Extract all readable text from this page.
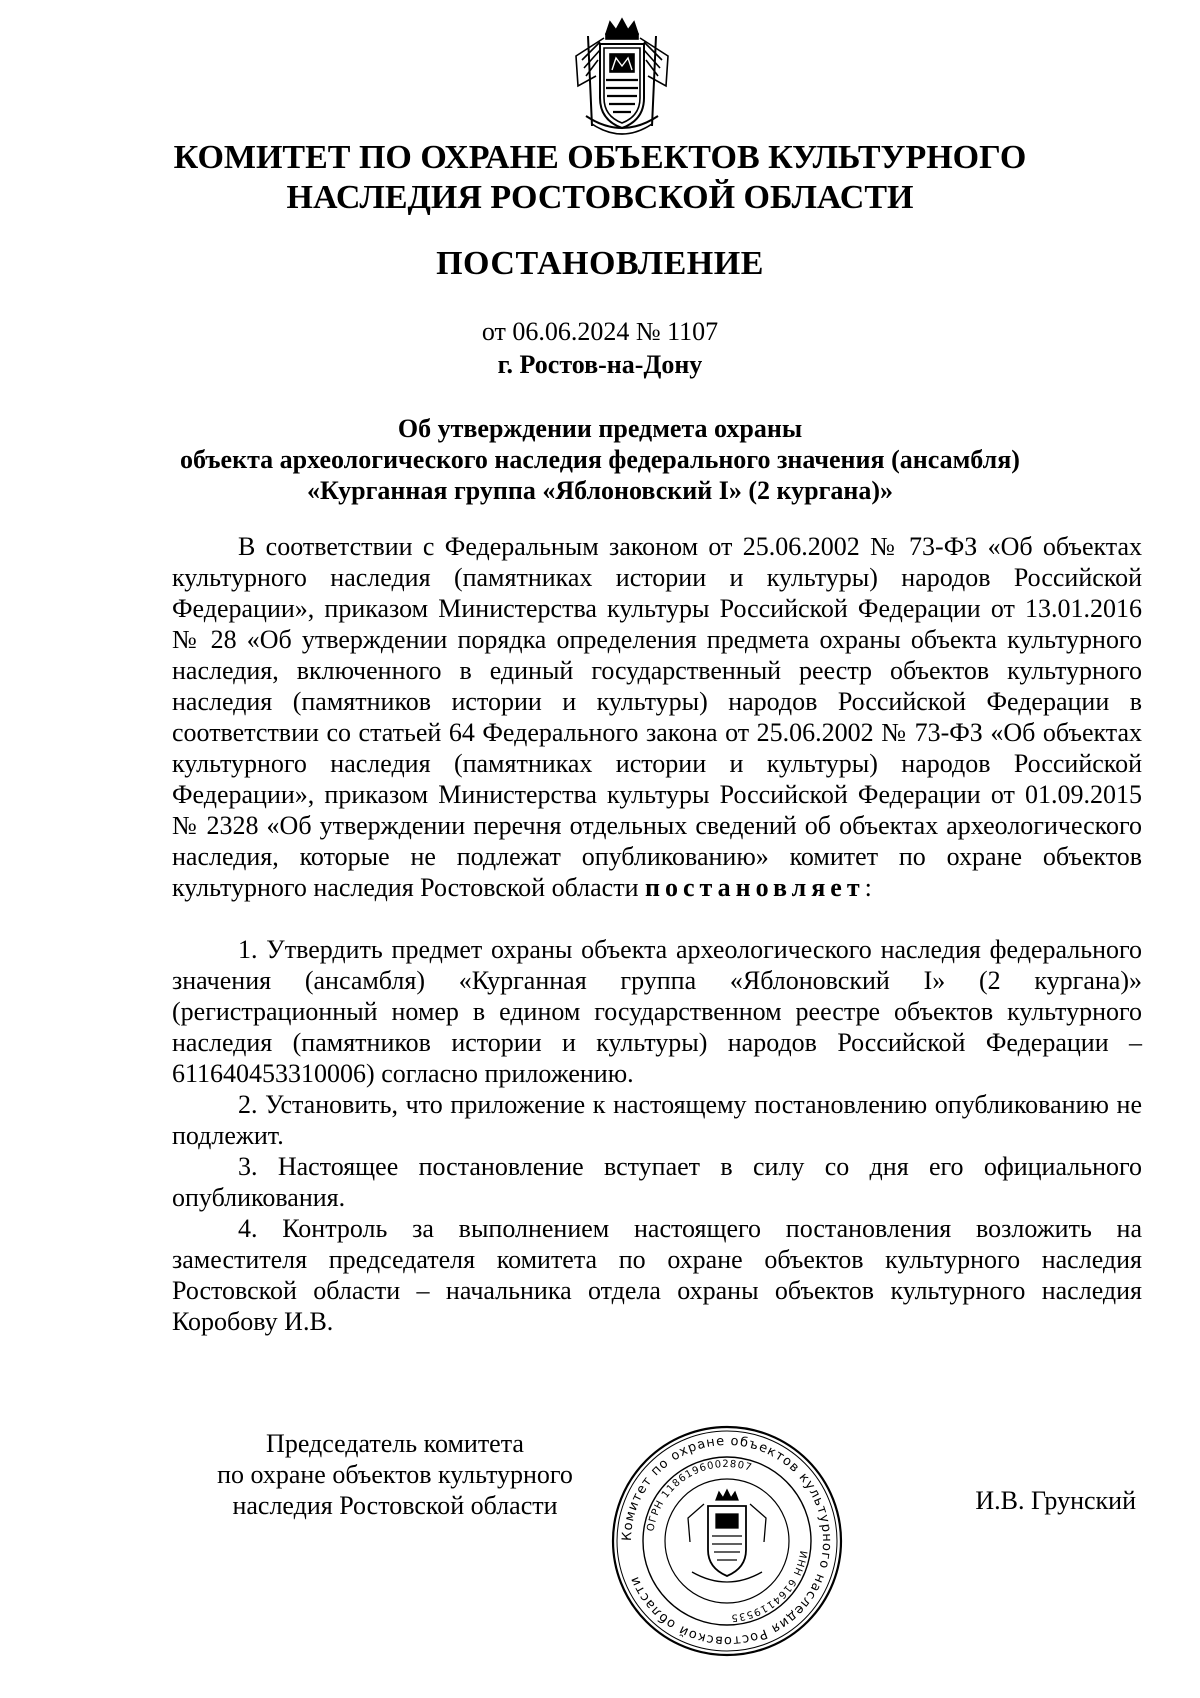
КОМИТЕТ ПО ОХРАНЕ ОБЪЕКТОВ КУЛЬТУРНОГО
НАСЛЕДИЯ РОСТОВСКОЙ ОБЛАСТИ
ПОСТАНОВЛЕНИЕ
от 06.06.2024 № 1107
г. Ростов-на-Дону
Об утверждении предмета охраны
объекта археологического наследия федерального значения (ансамбля)
«Курганная группа «Яблоновский I» (2 кургана)»

В соответствии с Федеральным законом от 25.06.2002 № 73-ФЗ «Об объектах культурного наследия (памятниках истории и культуры) народов Российской Федерации», приказом Министерства культуры Российской Федерации от 13.01.2016 № 28 «Об утверждении порядка определения предмета охраны объекта культурного наследия, включенного в единый государственный реестр объектов культурного наследия (памятников истории и культуры) народов Российской Федерации в соответствии со статьей 64 Федерального закона от 25.06.2002 № 73-ФЗ «Об объектах культурного наследия (памятниках истории и культуры) народов Российской Федерации», приказом Министерства культуры Российской Федерации от 01.09.2015 № 2328 «Об утверждении перечня отдельных сведений об объектах археологического наследия, которые не подлежат опубликованию» комитет по охране объектов культурного наследия Ростовской области постановляет:

1. Утвердить предмет охраны объекта археологического наследия федерального значения (ансамбля) «Курганная группа «Яблоновский I» (2 кургана)» (регистрационный номер в едином государственном реестре объектов культурного наследия (памятников истории и культуры) народов Российской Федерации – 611640453310006) согласно приложению.

2. Установить, что приложение к настоящему постановлению опубликованию не подлежит.

3. Настоящее постановление вступает в силу со дня его официального опубликования.

4. Контроль за выполнением настоящего постановления возложить на заместителя председателя комитета по охране объектов культурного наследия Ростовской области – начальника отдела охраны объектов культурного наследия Коробову И.В.

Председатель комитета
по охране объектов культурного
наследия Ростовской области
Комитет по охране объектов культурного наследия Ростовской области
ОГРН 1186196002807
ИНН 6164119535
И.В. Грунский
